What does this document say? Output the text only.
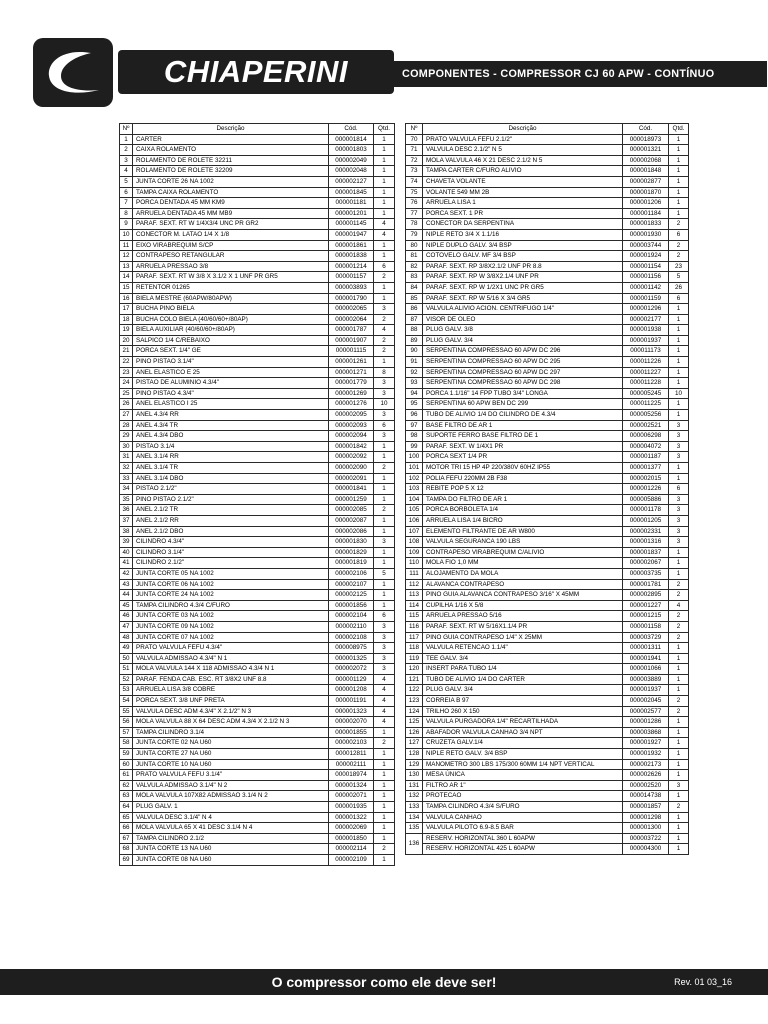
CHIAPERINI	COMPONENTES - COMPRESSOR CJ 60 APW - CONTÍNUO
Nº	Descrição	Cód.	Qtd.
1	CARTER	000001814	1
2	CAIXA ROLAMENTO	000001803	1
3	ROLAMENTO DE ROLETE 32211	000002049	1
4	ROLAMENTO DE ROLETE 32209	000002048	1
5	JUNTA CORTE 26 NA 1002	000002127	1
6	TAMPA CAIXA ROLAMENTO	000001845	1
7	PORCA DENTADA 45 MM KM9	000001181	1
8	ARRUELA DENTADA 45 MM MB9	000001201	1
9	PARAF. SEXT. RT W 1/4X3/4 UNC PR GR2	000001145	4
10	CONECTOR M. LATAO 1/4 X 1/8	000001947	4
11	EIXO VIRABREQUIM S/CP	000001861	1
12	CONTRAPESO RETANGULAR	000001838	1
13	ARRUELA PRESSAO 3/8	000001214	6
14	PARAF. SEXT. RT W 3/8 X 3.1/2 X 1 UNF PR GR5	000001157	2
15	RETENTOR 01265	000003893	1
16	BIELA MESTRE (60APW/80APW)	000001790	1
17	BUCHA PINO BIELA	000002065	3
18	BUCHA COLO BIELA (40/60/60+/80AP)	000002064	2
19	BIELA AUXILIAR (40/60/60+/80AP)	000001787	4
20	SALPICO 1/4 C/REBAIXO	000001907	2
21	PORCA SEXT. 1/4" GE	000001115	2
22	PINO PISTAO 3.1/4"	000001261	1
23	ANEL ELASTICO E 25	000001271	8
24	PISTAO DE ALUMINIO 4.3/4"	000001779	3
25	PINO PISTAO 4.3/4"	000001269	3
26	ANEL ELASTICO I 25	000001276	10
27	ANEL 4.3/4 RR	000002095	3
28	ANEL 4.3/4 TR	000002093	6
29	ANEL 4.3/4 DBO	000002094	3
30	PISTAO 3.1/4	000001842	1
31	ANEL 3.1/4 RR	000002092	1
32	ANEL 3.1/4 TR	000002090	2
33	ANEL 3.1/4 DBO	000002091	1
34	PISTAO 2.1/2"	000001841	1
35	PINO PISTAO 2.1/2"	000001259	1
36	ANEL 2.1/2 TR	000002085	2
37	ANEL 2.1/2 RR	000002087	1
38	ANEL 2.1/2 DBO	000002086	1
39	CILINDRO 4.3/4"	000001830	3
40	CILINDRO 3.1/4"	000001829	1
41	CILINDRO 2.1/2"	000001819	1
42	JUNTA CORTE 05 NA 1002	000002106	5
43	JUNTA CORTE 06 NA 1002	000002107	1
44	JUNTA CORTE 24 NA 1002	000002125	1
45	TAMPA CILINDRO 4.3/4 C/FURO	000001856	1
46	JUNTA CORTE 03 NA 1002	000002104	6
47	JUNTA CORTE 09 NA 1002	000002110	3
48	JUNTA CORTE 07 NA 1002	000002108	3
49	PRATO VALVULA FEFU 4.3/4"	000008975	3
50	VALVULA ADMISSAO 4.3/4" N 1	000001325	3
51	MOLA VALVULA 144 X 118 ADMISSAO 4.3/4 N 1	000002072	3
52	PARAF. FENDA CAB. ESC. RT 3/8X2 UNF 8.8	000001129	4
53	ARRUELA LISA 3/8 COBRE	000001208	4
54	PORCA SEXT. 3/8 UNF PRETA	000001191	4
55	VALVULA DESC ADM 4.3/4" X 2.1/2" N 3	000001323	4
56	MOLA VALVULA 88 X 64 DESC ADM 4.3/4 X 2.1/2 N 3	000002070	4
57	TAMPA CILINDRO 3.1/4	000001855	1
58	JUNTA CORTE 02 NA U60	000002103	2
59	JUNTA CORTE 27 NA U60	000012811	1
60	JUNTA CORTE 10 NA U60	000002111	1
61	PRATO VALVULA FEFU 3.1/4"	000018974	1
62	VALVULA ADMISSAO 3.1/4" N 2	000001324	1
63	MOLA VALVULA 107X82 ADMISSAO 3.1/4 N 2	000002071	1
64	PLUG GALV. 1	000001935	1
65	VALVULA DESC 3.1/4" N 4	000001322	1
66	MOLA VALVULA 65 X 41 DESC 3.1/4 N 4	000002069	1
67	TAMPA CILINDRO 2.1/2	000001850	1
68	JUNTA CORTE 13 NA U60	000002114	2
69	JUNTA CORTE 08 NA U60	000002109	1
Nº	Descrição	Cód.	Qtd.
70	PRATO VALVULA FEFU 2.1/2"	000018973	1
71	VALVULA DESC 2.1/2" N 5	000001321	1
72	MOLA VALVULA 46 X 21 DESC 2.1/2 N 5	000002068	1
73	TAMPA CARTER C/FURO ALIVIO	000001848	1
74	CHAVETA VOLANTE	000002877	1
75	VOLANTE 549 MM 2B	000001870	1
76	ARRUELA LISA 1	000001206	1
77	PORCA SEXT. 1 PR	000001184	1
78	CONECTOR DA SERPENTINA	000001833	2
79	NIPLE RETO 3/4 X 1.1/16	000001930	6
80	NIPLE DUPLO GALV. 3/4 BSP	000003744	2
81	COTOVELO GALV. MF 3/4 BSP	000001924	2
82	PARAF. SEXT. RP 3/8X2.1/2 UNF PR 8.8	000001154	23
83	PARAF. SEXT. RP W 3/8X2.1/4 UNF PR	000001156	5
84	PARAF. SEXT. RP W 1/2X1 UNC PR GR5	000001142	26
85	PARAF. SEXT. RP W 5/16 X 3/4 GR5	000001159	6
86	VALVULA ALIVIO ACION. CENTRIFUGO 1/4"	000001296	1
87	VISOR DE OLEO	000002177	1
88	PLUG GALV. 3/8	000001938	1
89	PLUG GALV. 3/4	000001937	1
90	SERPENTINA COMPRESSAO 60 APW DC 296	000011173	1
91	SERPENTINA COMPRESSAO 60 APW DC 295	000011226	1
92	SERPENTINA COMPRESSAO 60 APW DC 297	000011227	1
93	SERPENTINA COMPRESSAO 60 APW DC 298	000011228	1
94	PORCA 1.1/16" 14 FPP TUBO 3/4" LONGA	000005245	10
95	SERPENTINA 60 APW BEN DC 299	000011225	1
96	TUBO DE ALIVIO 1/4 DO CILINDRO DE 4.3/4	000005256	1
97	BASE FILTRO DE AR 1	000002521	3
98	SUPORTE FERRO BASE FILTRO DE 1	000006298	3
99	PARAF. SEXT. W 1/4X1 PR	000004072	3
100	PORCA SEXT 1/4 PR	000001187	3
101	MOTOR TRI 15 HP 4P 220/380V 60HZ IP55	000001377	1
102	POLIA FEFU 220MM 2B F38	000002015	1
103	REBITE POP 5 X 12	000001226	6
104	TAMPA DO FILTRO DE AR 1	000005886	3
105	PORCA BORBOLETA 1/4	000001178	3
106	ARRUELA LISA 1/4 BICRO	000001205	3
107	ELEMENTO FILTRANTE DE AR W800	000002331	3
108	VALVULA SEGURANCA 190 LBS	000001316	3
109	CONTRAPESO VIRABREQUIM C/ALIVIO	000001837	1
110	MOLA FIO 1,0 MM	000002067	1
111	ALOJAMENTO DA MOLA	000003735	1
112	ALAVANCA CONTRAPESO	000001781	2
113	PINO GUIA ALAVANCA CONTRAPESO 3/16" X 45MM	000002895	2
114	CUPILHA 1/16 X 5/8	000001227	4
115	ARRUELA PRESSAO 5/16	000001215	2
116	PARAF. SEXT. RT W 5/16X1.1/4 PR	000001158	2
117	PINO GUIA CONTRAPESO 1/4" X 25MM	000003729	2
118	VALVULA RETENCAO 1.1/4"	000001311	1
119	TEE GALV. 3/4	000001941	1
120	INSERT PARA TUBO 1/4	000001066	1
121	TUBO DE ALIVIO 1/4 DO CARTER	000003889	1
122	PLUG GALV. 3/4	000001937	1
123	CORREIA B 97	000002045	2
124	TRILHO 260 X 150	000002577	2
125	VALVULA PURGADORA 1/4" RECARTILHADA	000001286	1
126	ABAFADOR VALVULA CANHAO 3/4 NPT	000003868	1
127	CRUZETA GALV.1/4	000001927	1
128	NIPLE RETO GALV. 3/4 BSP	000001932	1
129	MANOMETRO 300 LBS 175/300 60MM 1/4 NPT VERTICAL	000002173	1
130	MESA ÚNICA	000002626	1
131	FILTRO AR 1"	000002520	3
132	PROTECAO	000014738	1
133	TAMPA CILINDRO 4.3/4 S/FURO	000001857	2
134	VALVULA CANHAO	000001298	1
135	VALVULA PILOTO 6.9-8.5 BAR	000001300	1
136	RESERV. HORIZONTAL 360 L 60APW	000003722	1
	RESERV. HORIZONTAL 425 L 60APW	000004300	1
O compressor como ele deve ser!	Rev. 01 03_16
